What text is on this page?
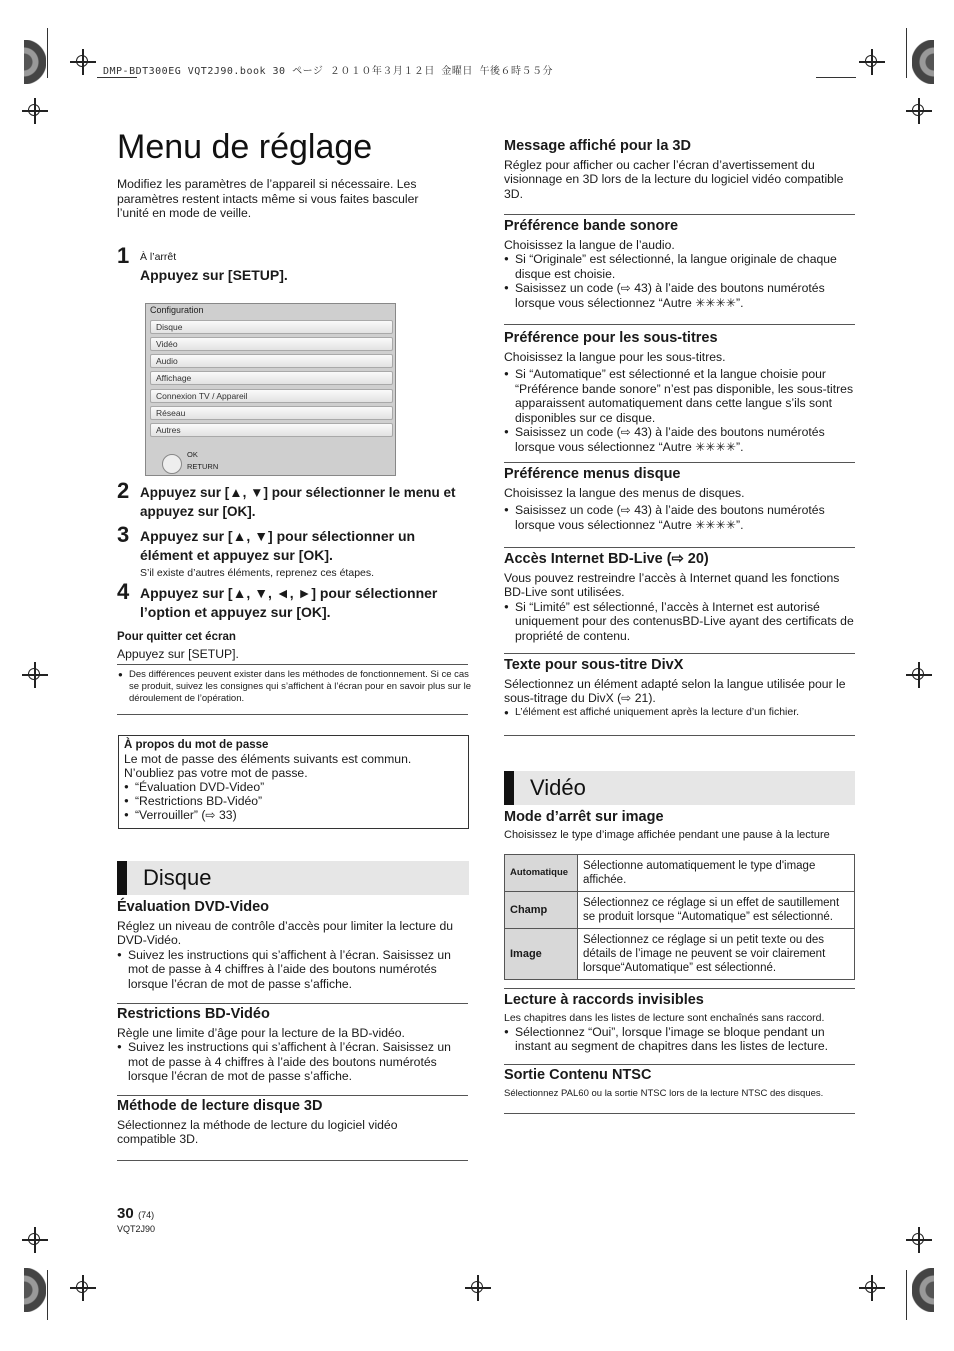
DMP-BDT300EG VQT2J90.book 30 ページ ２０１０年３月１２日 金曜日 午後６時５５分
Menu de réglage
Modifiez les paramètres de l’appareil si nécessaire. Les paramètres restent intacts même si vous faites basculer l’unité en mode de veille.
1 À l’arrêt
Appuyez sur [SETUP].
Configuration
Disque
Vidéo
Audio
Affichage
Connexion TV / Appareil
Réseau
Autres
OK
RETURN
2 Appuyez sur [▲, ▼] pour sélectionner le menu et appuyez sur [OK].
3 Appuyez sur [▲, ▼] pour sélectionner un élément et appuyez sur [OK].
S’il existe d’autres éléments, reprenez ces étapes.
4 Appuyez sur [▲, ▼, ◄, ►] pour sélectionner l’option et appuyez sur [OK].
Pour quitter cet écran
Appuyez sur [SETUP].
● Des différences peuvent exister dans les méthodes de fonctionnement. Si ce cas se produit, suivez les consignes qui s’affichent à l’écran pour en savoir plus sur le déroulement de l’opération.
À propos du mot de passe
Le mot de passe des éléments suivants est commun. N’oubliez pas votre mot de passe.
● “Évaluation DVD-Video”
● “Restrictions BD-Vidéo”
● “Verrouiller” (⇨ 33)
Disque
Évaluation DVD-Video
Réglez un niveau de contrôle d’accès pour limiter la lecture du DVD-Vidéo.
● Suivez les instructions qui s’affichent à l’écran. Saisissez un mot de passe à 4 chiffres à l’aide des boutons numérotés lorsque l’écran de mot de passe s’affiche.
Restrictions BD-Vidéo
Règle une limite d’âge pour la lecture de la BD-vidéo.
● Suivez les instructions qui s’affichent à l’écran. Saisissez un mot de passe à 4 chiffres à l’aide des boutons numérotés lorsque l’écran de mot de passe s’affiche.
Méthode de lecture disque 3D
Sélectionnez la méthode de lecture du logiciel vidéo compatible 3D.
30 (74)
VQT2J90
Message affiché pour la 3D
Réglez pour afficher ou cacher l’écran d’avertissement du visionnage en 3D lors de la lecture du logiciel vidéo compatible 3D.
Préférence bande sonore
Choisissez la langue de l’audio.
● Si “Originale” est sélectionné, la langue originale de chaque disque est choisie.
● Saisissez un code (⇨ 43) à l’aide des boutons numérotés lorsque vous sélectionnez “Autre ✳✳✳✳”.
Préférence pour les sous-titres
Choisissez la langue pour les sous-titres.
● Si “Automatique” est sélectionné et la langue choisie pour “Préférence bande sonore” n’est pas disponible, les sous-titres apparaissent automatiquement dans cette langue s’ils sont disponibles sur ce disque.
● Saisissez un code (⇨ 43) à l’aide des boutons numérotés lorsque vous sélectionnez “Autre ✳✳✳✳”.
Préférence menus disque
Choisissez la langue des menus de disques.
● Saisissez un code (⇨ 43) à l’aide des boutons numérotés lorsque vous sélectionnez “Autre ✳✳✳✳”.
Accès Internet BD-Live (⇨ 20)
Vous pouvez restreindre l’accès à Internet quand les fonctions BD-Live sont utilisées.
● Si “Limité” est sélectionné, l’accès à Internet est autorisé uniquement pour des contenusBD-Live ayant des certificats de propriété de contenu.
Texte pour sous-titre DivX
Sélectionnez un élément adapté selon la langue utilisée pour le sous-titrage du DivX (⇨ 21).
● L’élément est affiché uniquement après la lecture d’un fichier.
Vidéo
Mode d’arrêt sur image
Choisissez le type d’image affichée pendant une pause à la lecture
Automatique	Sélectionne automatiquement le type d'image affichée.
Champ	Sélectionnez ce réglage si un effet de sautillement se produit lorsque “Automatique” est sélectionné.
Image	Sélectionnez ce réglage si un petit texte ou des détails de l’image ne peuvent se voir clairement lorsque“Automatique” est sélectionné.
Lecture à raccords invisibles
Les chapitres dans les listes de lecture sont enchaînés sans raccord.
● Sélectionnez “Oui”, lorsque l’image se bloque pendant un instant au segment de chapitres dans les listes de lecture.
Sortie Contenu NTSC
Sélectionnez PAL60 ou la sortie NTSC lors de la lecture NTSC des disques.
